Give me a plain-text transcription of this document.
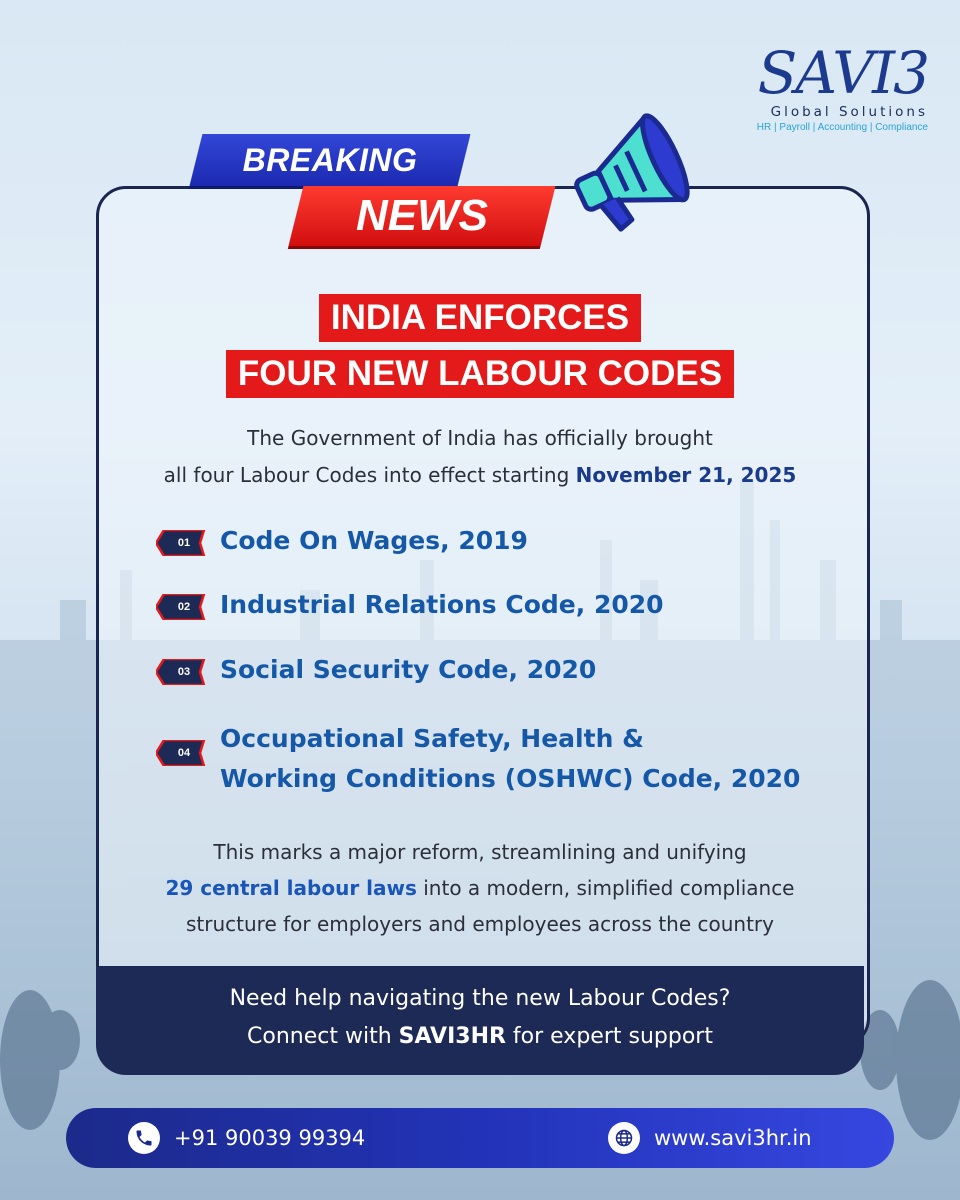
SAVI3
Global Solutions
HR | Payroll | Accounting | Compliance
BREAKING
NEWS
INDIA ENFORCES
FOUR NEW LABOUR CODES
The Government of India has officially brought
all four Labour Codes into effect starting November 21, 2025
01	Code On Wages, 2019
02	Industrial Relations Code, 2020
03	Social Security Code, 2020
04	Occupational Safety, Health &
Working Conditions (OSHWC) Code, 2020
This marks a major reform, streamlining and unifying
29 central labour laws into a modern, simplified compliance
structure for employers and employees across the country
Need help navigating the new Labour Codes?
Connect with SAVI3HR for expert support
+91 90039 99394	www.savi3hr.in
